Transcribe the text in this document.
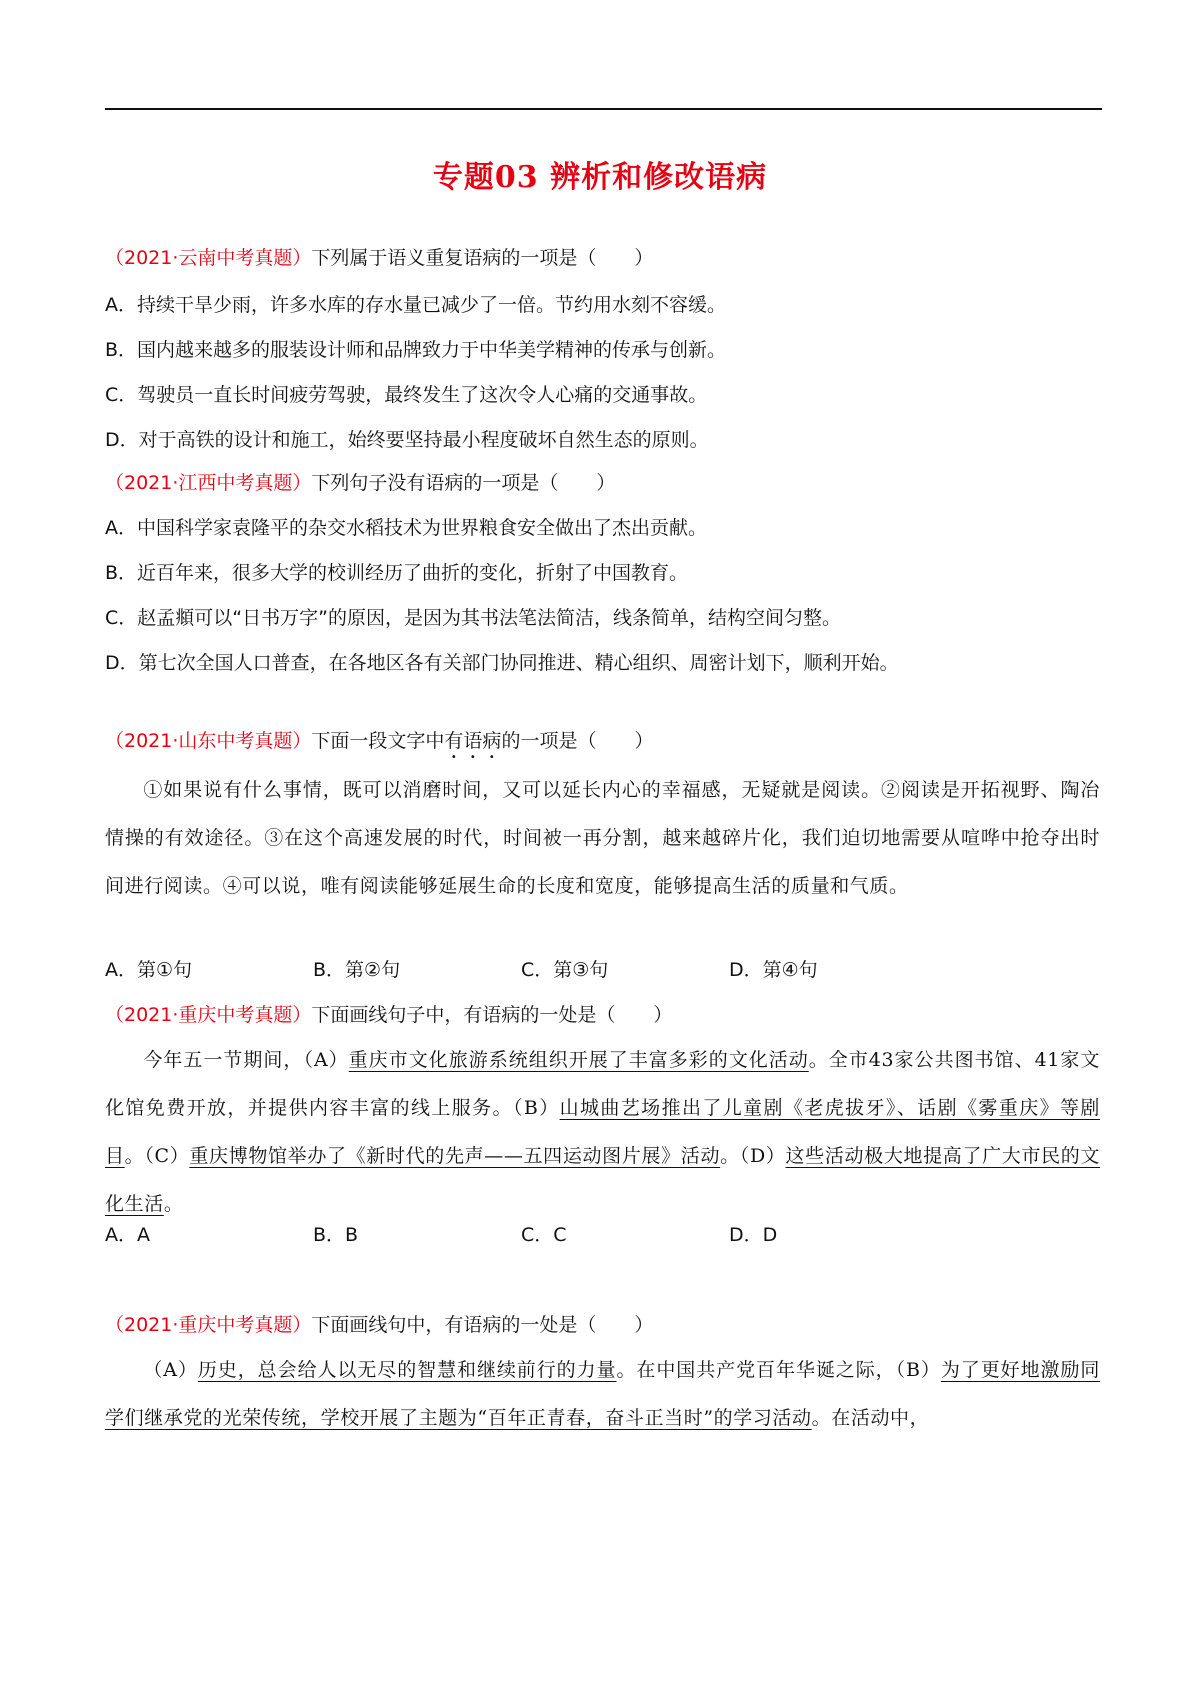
专题03 辨析和修改语病
（2021·云南中考真题）下列属于语义重复语病的一项是（　　）
A．持续干旱少雨，许多水库的存水量已减少了一倍。节约用水刻不容缓。
B．国内越来越多的服装设计师和品牌致力于中华美学精神的传承与创新。
C．驾驶员一直长时间疲劳驾驶，最终发生了这次令人心痛的交通事故。
D．对于高铁的设计和施工，始终要坚持最小程度破坏自然生态的原则。
（2021·江西中考真题）下列句子没有语病的一项是（　　）
A．中国科学家袁隆平的杂交水稻技术为世界粮食安全做出了杰出贡献。
B．近百年来，很多大学的校训经历了曲折的变化，折射了中国教育。
C．赵孟頫可以“日书万字”的原因，是因为其书法笔法简洁，线条简单，结构空间匀整。
D．第七次全国人口普查，在各地区各有关部门协同推进、精心组织、周密计划下，顺利开始。
（2021·山东中考真题）下面一段文字中有语病的一项是（　　）
①如果说有什么事情，既可以消磨时间，又可以延长内心的幸福感，无疑就是阅读。②阅读是开拓视野、陶冶情操的有效途径。③在这个高速发展的时代，时间被一再分割，越来越碎片化，我们迫切地需要从喧哗中抢夺出时间进行阅读。④可以说，唯有阅读能够延展生命的长度和宽度，能够提高生活的质量和气质。
A．第①句	B．第②句	C．第③句	D．第④句
（2021·重庆中考真题）下面画线句子中，有语病的一处是（　　）
今年五一节期间，（A）重庆市文化旅游系统组织开展了丰富多彩的文化活动。全市43家公共图书馆、41家文化馆免费开放，并提供内容丰富的线上服务。（B）山城曲艺场推出了儿童剧《老虎拔牙》、话剧《雾重庆》等剧目。（C）重庆博物馆举办了《新时代的先声——五四运动图片展》活动。（D）这些活动极大地提高了广大市民的文化生活。
A．A	B．B	C．C	D．D
（2021·重庆中考真题）下面画线句中，有语病的一处是（　　）
（A）历史，总会给人以无尽的智慧和继续前行的力量。在中国共产党百年华诞之际，（B）为了更好地激励同学们继承党的光荣传统，学校开展了主题为“百年正青春，奋斗正当时”的学习活动。在活动中，
